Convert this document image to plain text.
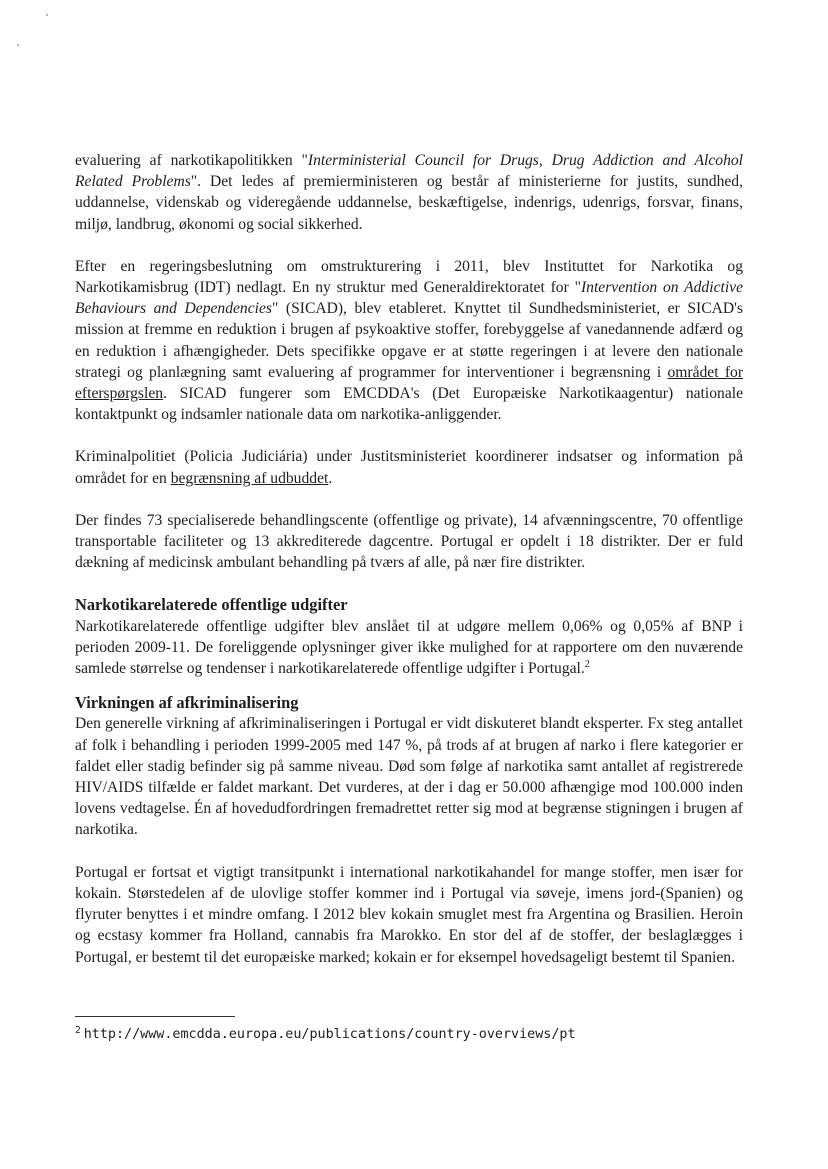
evaluering af narkotikapolitikken "Interministerial Council for Drugs, Drug Addiction and Alcohol Related Problems". Det ledes af premierministeren og består af ministerierne for justits, sundhed, uddannelse, videnskab og videregående uddannelse, beskæftigelse, indenrigs, udenrigs, forsvar, finans, miljø, landbrug, økonomi og social sikkerhed.

Efter en regeringsbeslutning om omstrukturering i 2011, blev Instituttet for Narkotika og Narkotikamisbrug (IDT) nedlagt. En ny struktur med Generaldirektoratet for "Intervention on Addictive Behaviours and Dependencies" (SICAD), blev etableret. Knyttet til Sundhedsministeriet, er SICAD's mission at fremme en reduktion i brugen af psykoaktive stoffer, forebyggelse af vanedannende adfærd og en reduktion i afhængigheder. Dets specifikke opgave er at støtte regeringen i at levere den nationale strategi og planlægning samt evaluering af programmer for interventioner i begrænsning i området for efterspørgslen. SICAD fungerer som EMCDDA's (Det Europæiske Narkotikaagentur) nationale kontaktpunkt og indsamler nationale data om narkotika-anliggender.

Kriminalpolitiet (Policia Judiciária) under Justitsministeriet koordinerer indsatser og information på området for en begrænsning af udbuddet.

Der findes 73 specialiserede behandlingscente (offentlige og private), 14 afvænningscentre, 70 offentlige transportable faciliteter og 13 akkrediterede dagcentre. Portugal er opdelt i 18 distrikter. Der er fuld dækning af medicinsk ambulant behandling på tværs af alle, på nær fire distrikter.

Narkotikarelaterede offentlige udgifter

Narkotikarelaterede offentlige udgifter blev anslået til at udgøre mellem 0,06% og 0,05% af BNP i perioden 2009-11. De foreliggende oplysninger giver ikke mulighed for at rapportere om den nuværende samlede størrelse og tendenser i narkotikarelaterede offentlige udgifter i Portugal.$^2$

Virkningen af afkriminalisering

Den generelle virkning af afkriminaliseringen i Portugal er vidt diskuteret blandt eksperter. Fx steg antallet af folk i behandling i perioden 1999-2005 med 147 %, på trods af at brugen af narko i flere kategorier er faldet eller stadig befinder sig på samme niveau. Død som følge af narkotika samt antallet af registrerede HIV/AIDS tilfælde er faldet markant. Det vurderes, at der i dag er 50.000 afhængige mod 100.000 inden lovens vedtagelse. Én af hovedudfordringen fremadrettet retter sig mod at begrænse stigningen i brugen af narkotika.

Portugal er fortsat et vigtigt transitpunkt i international narkotikahandel for mange stoffer, men især for kokain. Størstedelen af de ulovlige stoffer kommer ind i Portugal via søveje, imens jord-(Spanien) og flyruter benyttes i et mindre omfang. I 2012 blev kokain smuglet mest fra Argentina og Brasilien. Heroin og ecstasy kommer fra Holland, cannabis fra Marokko. En stor del af de stoffer, der beslaglægges i Portugal, er bestemt til det europæiske marked; kokain er for eksempel hovedsageligt bestemt til Spanien.

$^2$ http://www.emcdda.europa.eu/publications/country-overviews/pt
